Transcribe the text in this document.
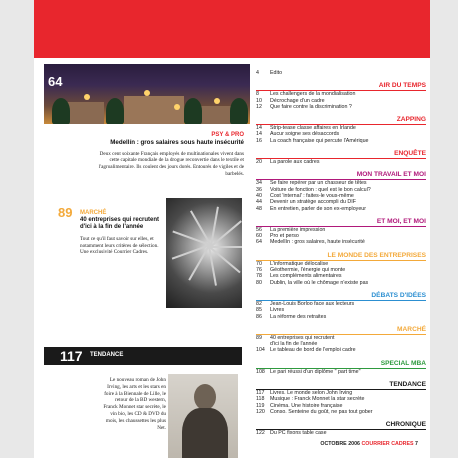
64
PSY & PRO
Medellín : gros salaires sous haute insécurité
Deux cent soixante Français employés de multinationales vivent dans cette capitale mondiale de la drogue reconvertie dans le textile et l'agroalimentaire. Ils coulent des jours dorés. Entourés de vigiles et de barbelés.
89 MARCHÉ
40 entreprises qui recrutent d'ici à la fin de l'année
Tout ce qu'il faut savoir sur elles, et notamment leurs critères de sélection. Une exclusivité Courrier Cadres.
117 TENDANCE
Le nouveau roman de John Irving, les arts et les stars en foire à la Biennale de Lille, le retour de la BD western, Franck Monnet star secrète, le vin bio, les CD & DVD du mois, les chaussettes les plus Net.
4	Édito
AIR DU TEMPS
8	Les challengers de la mondialisation
10	Décrochage d'un cadre
12	Que faire contre la discrimination ?
ZAPPING
14	Strip-tease classe affaires en Irlande
14	Aucur soigne ses désaccords
16	La coach française qui percute l'Amérique
ENQUÊTE
20	La parole aux cadres
MON TRAVAIL ET MOI
34	Se faire repérer par un chasseur de têtes
36	Voiture de fonction : quel est le bon calcul?
40	Cost 'internal' : faites-le vous-même
44	Devenir un stratège accompli du DIF
48	En entretien, parler de son ex-employeur
ET MOI, ET MOI
56	La première impression
60	Pro et perso
64	Medellín : gros salaires, haute insécurité
LE MONDE DES ENTREPRISES
70	L'informatique délocalise
76	Géothermie, l'énergie qui monte
78	Les compléments alimentaires
80	Dublin, la ville où le chômage n'existe pas
DÉBATS D'IDÉES
82	Jean-Louis Borloo face aux lecteurs
85	Livres
86	La réforme des retraites
MARCHÉ
89	40 entreprises qui recrutent
d'ici la fin de l'année
104 Le tableau de bord de l'emploi cadre
SPECIAL MBA
108 Le pari réussi d'un diplôme " part time"
TENDANCE
117	Livres. Le monde selon John Irving
118	Musique : Franck Monnet la star secrète
119	Cinéma. Une histoire française
120 Conso. Senteine du goût, ne pas tout gober
CHRONIQUE
122 Du PC fixons table case
OCTOBRE 2006 COURRIER CADRES 7
